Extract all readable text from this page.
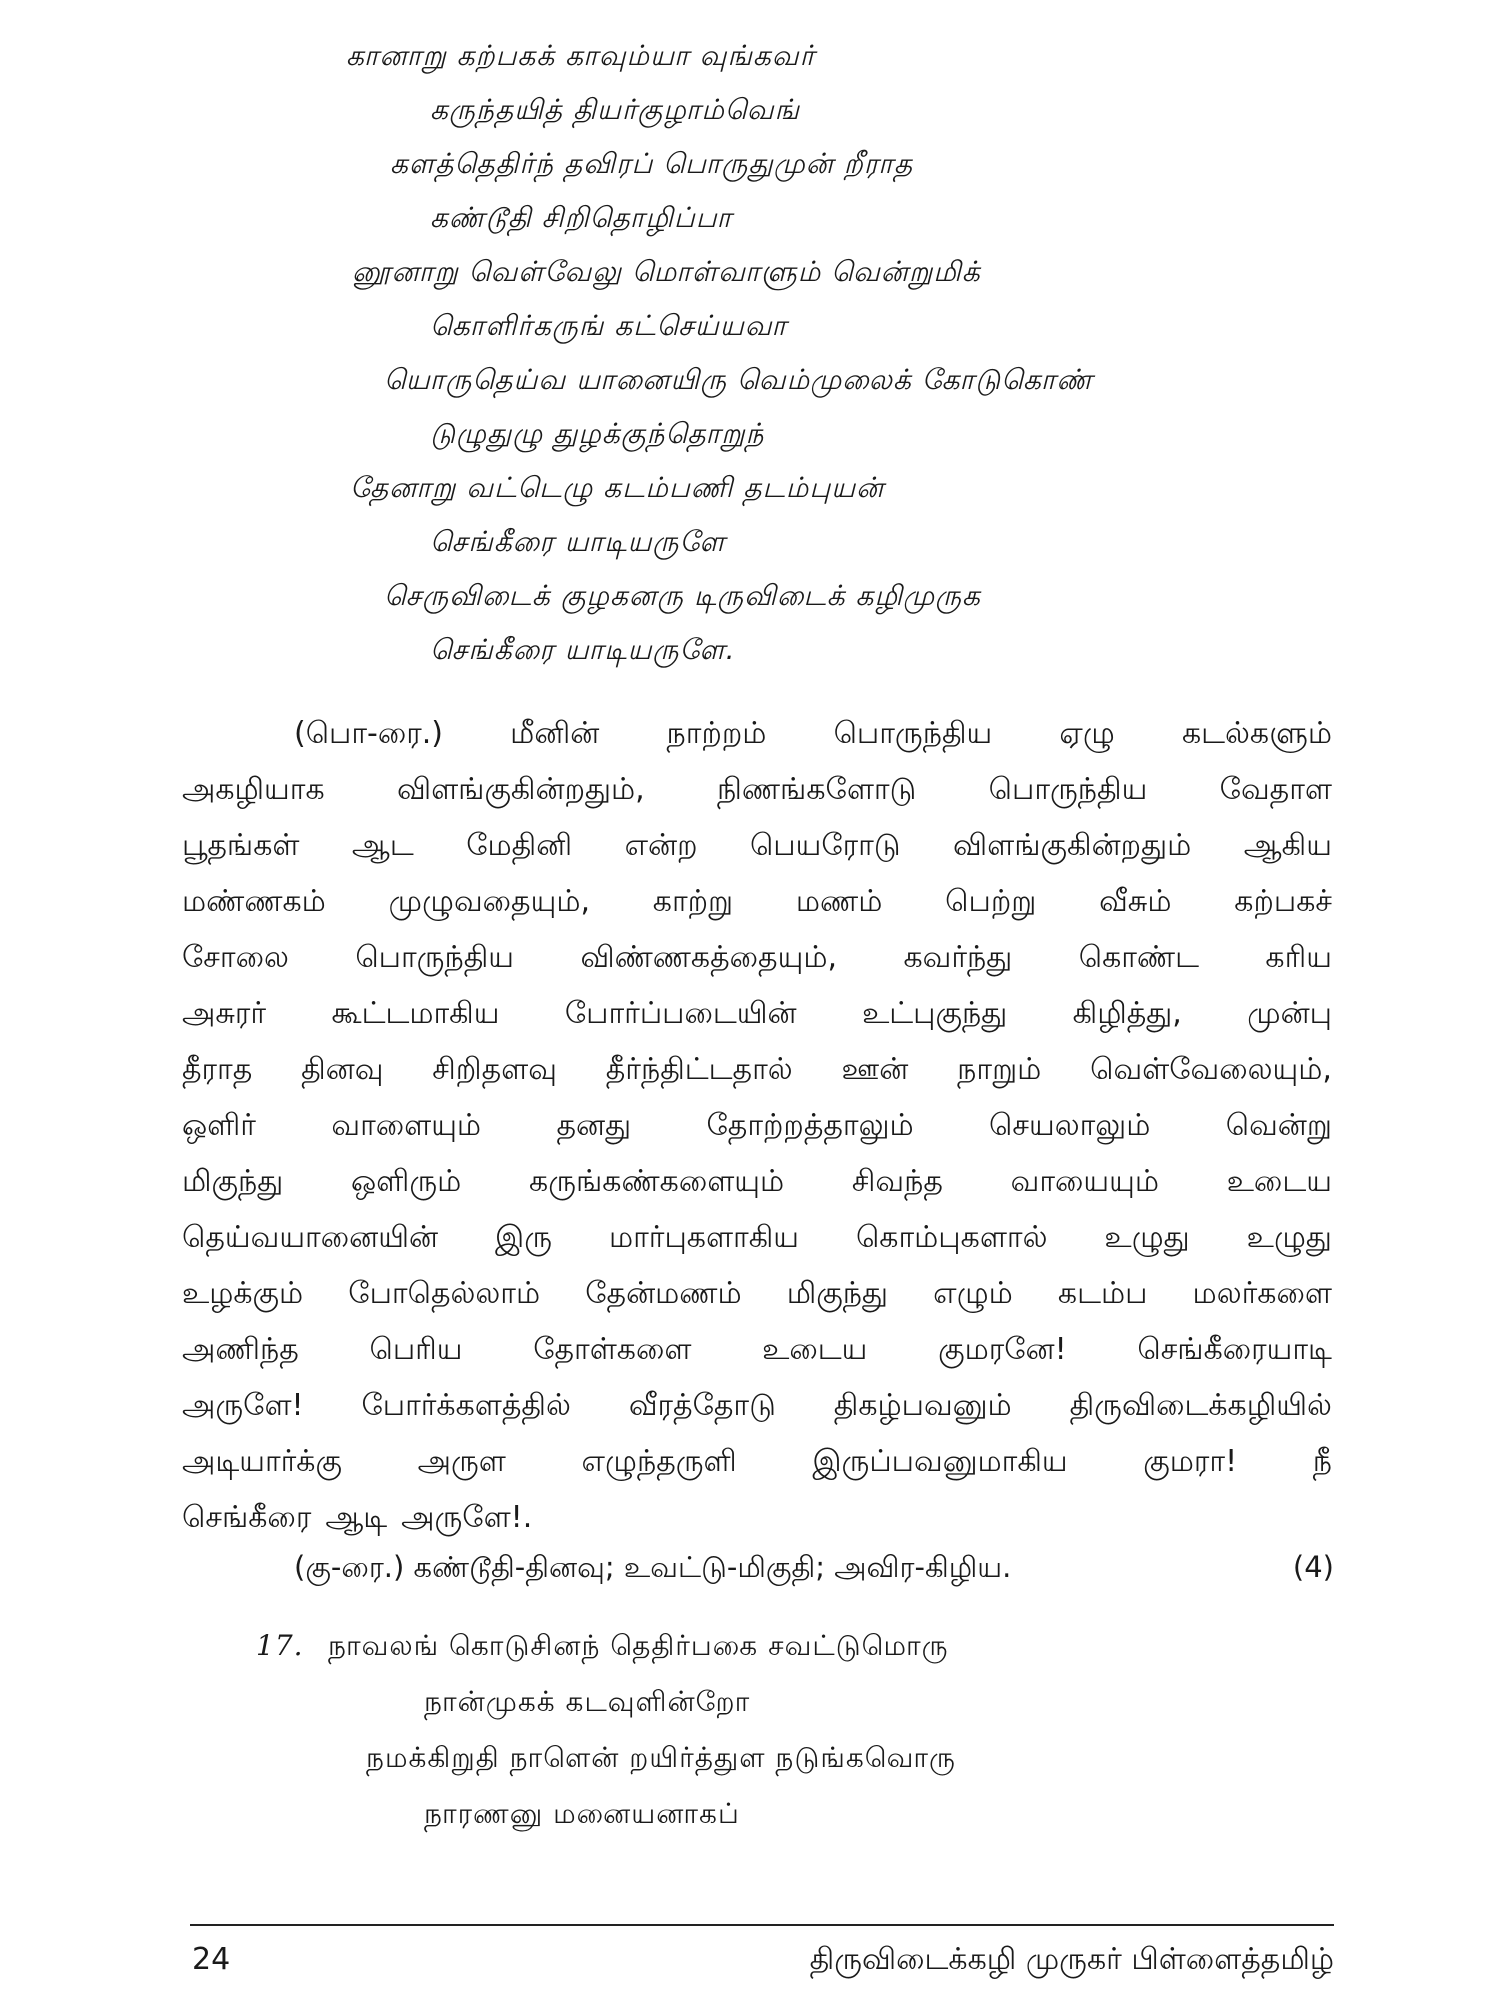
கானாறு கற்பகக் காவும்யா வுங்கவர்
கருந்தயித் தியர்குழாம்வெங்
களத்தெதிர்ந் தவிரப் பொருதுமுன் றீராத
கண்டூதி சிறிதொழிப்பா
னூனாறு வெள்வேலு மொள்வாளும் வென்றுமிக்
கொளிர்கருங் கட்செய்யவா
யொருதெய்வ யானையிரு வெம்முலைக் கோடுகொண்
டுழுதுழு துழக்குந்தொறுந்
தேனாறு வட்டெழு கடம்பணி தடம்புயன்
செங்கீரை யாடியருளே
செருவிடைக் குழகனரு டிருவிடைக் கழிமுருக
செங்கீரை யாடியருளே.
(பொ-ரை.) மீனின் நாற்றம் பொருந்திய ஏழு கடல்களும்
அகழியாக விளங்குகின்றதும், நிணங்களோடு பொருந்திய வேதாள
பூதங்கள் ஆட மேதினி என்ற பெயரோடு விளங்குகின்றதும் ஆகிய
மண்ணகம் முழுவதையும், காற்று மணம் பெற்று வீசும் கற்பகச்
சோலை பொருந்திய விண்ணகத்தையும், கவர்ந்து கொண்ட கரிய
அசுரர் கூட்டமாகிய போர்ப்படையின் உட்புகுந்து கிழித்து, முன்பு
தீராத தினவு சிறிதளவு தீர்ந்திட்டதால் ஊன் நாறும் வெள்வேலையும்,
ஒளிர்	வாளையும்	தனது	தோற்றத்தாலும்	செயலாலும்	வென்று
மிகுந்து ஒளிரும் கருங்கண்களையும் சிவந்த வாயையும் உடைய
தெய்வயானையின் இரு மார்புகளாகிய கொம்புகளால் உழுது உழுது
உழக்கும் போதெல்லாம் தேன்மணம் மிகுந்து எழும் கடம்ப மலர்களை
அணிந்த பெரிய தோள்களை உடைய குமரனே! செங்கீரையாடி
அருளே! போர்க்களத்தில் வீரத்தோடு திகழ்பவனும் திருவிடைக்கழியில்
அடியார்க்கு	அருள	எழுந்தருளி	இருப்பவனுமாகிய	குமரா!	நீ
செங்கீரை ஆடி அருளே!.
(கு-ரை.) கண்டூதி-தினவு; உவட்டு-மிகுதி; அவிர-கிழிய.	(4)
17. நாவலங் கொடுசினந் தெதிர்பகை சவட்டுமொரு
நான்முகக் கடவுளின்றோ
நமக்கிறுதி நாளென் றயிர்த்துள நடுங்கவொரு
நாரணனு மனையனாகப்
24	திருவிடைக்கழி முருகர் பிள்ளைத்தமிழ்
